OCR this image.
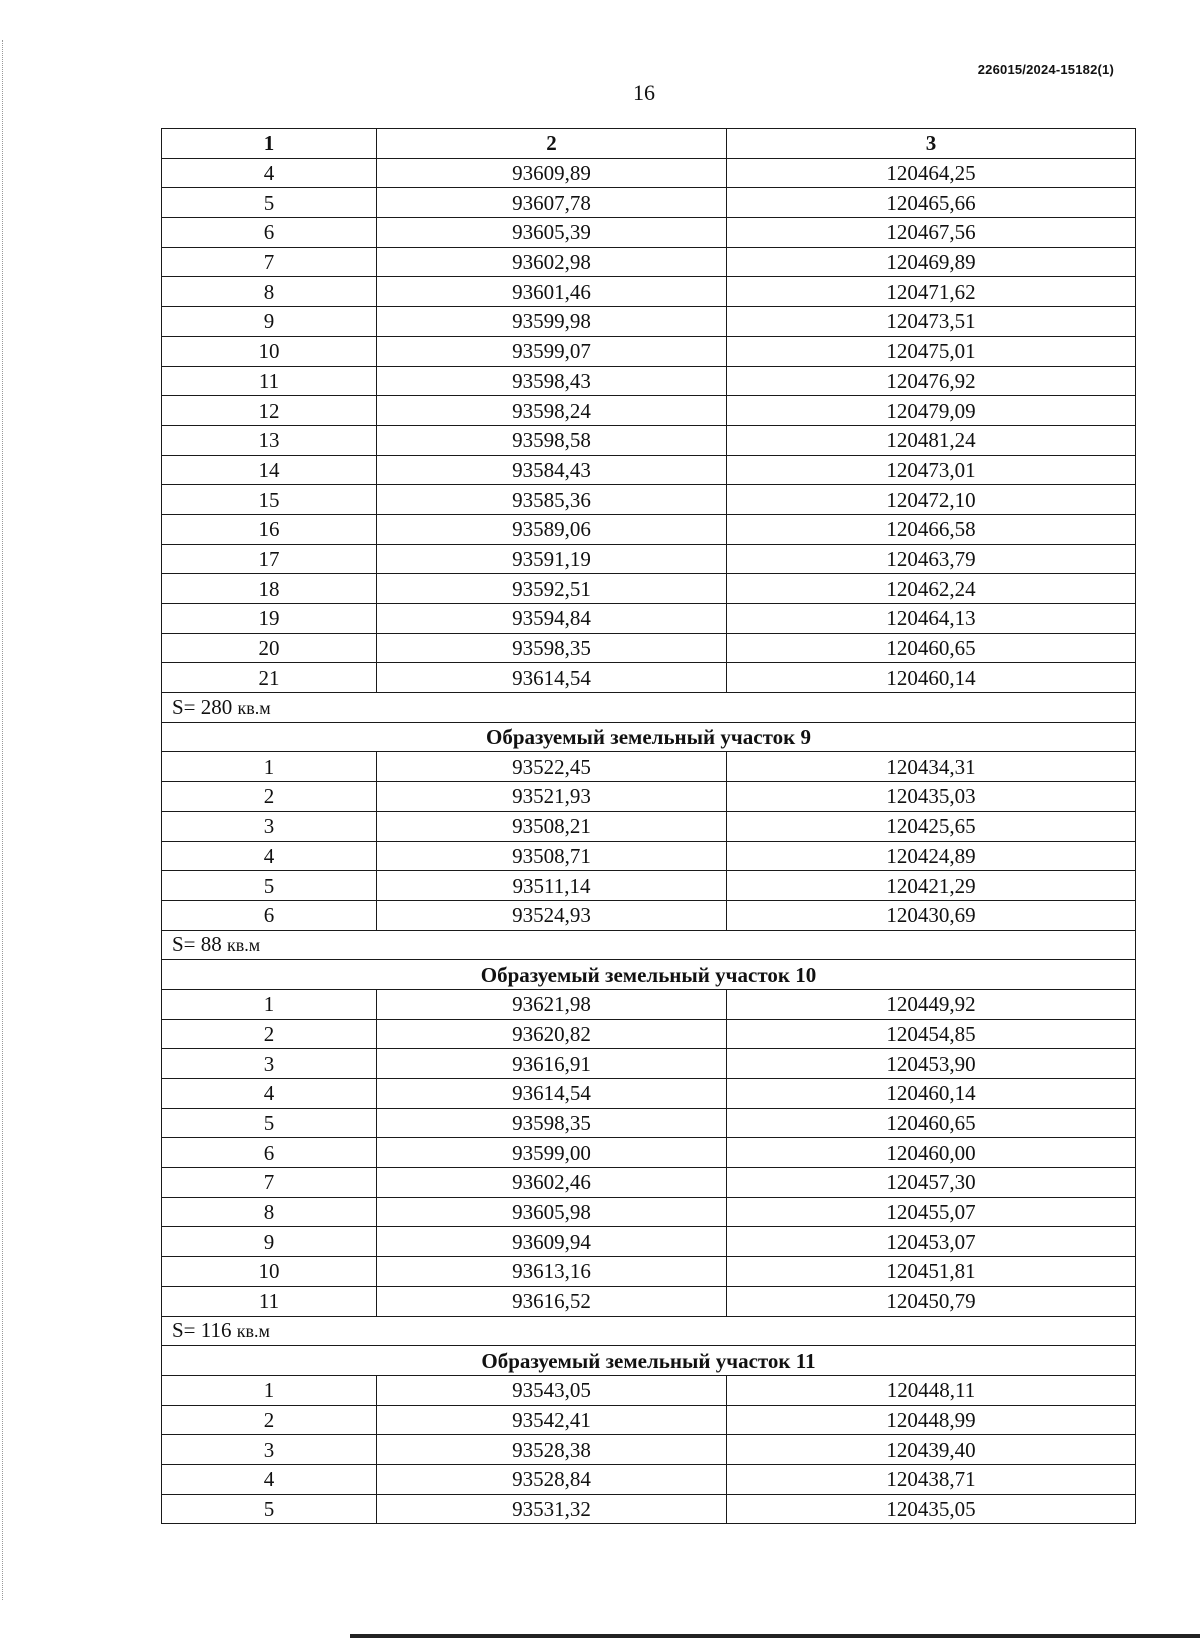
226015/2024-15182(1)
16
1	2	3
4	93609,89	120464,25
5	93607,78	120465,66
6	93605,39	120467,56
7	93602,98	120469,89
8	93601,46	120471,62
9	93599,98	120473,51
10	93599,07	120475,01
11	93598,43	120476,92
12	93598,24	120479,09
13	93598,58	120481,24
14	93584,43	120473,01
15	93585,36	120472,10
16	93589,06	120466,58
17	93591,19	120463,79
18	93592,51	120462,24
19	93594,84	120464,13
20	93598,35	120460,65
21	93614,54	120460,14
S= 280 кв.м		
Образуемый земельный участок 9		
1	93522,45	120434,31
2	93521,93	120435,03
3	93508,21	120425,65
4	93508,71	120424,89
5	93511,14	120421,29
6	93524,93	120430,69
S= 88 кв.м		
Образуемый земельный участок 10		
1	93621,98	120449,92
2	93620,82	120454,85
3	93616,91	120453,90
4	93614,54	120460,14
5	93598,35	120460,65
6	93599,00	120460,00
7	93602,46	120457,30
8	93605,98	120455,07
9	93609,94	120453,07
10	93613,16	120451,81
11	93616,52	120450,79
S= 116 кв.м		
Образуемый земельный участок 11		
1	93543,05	120448,11
2	93542,41	120448,99
3	93528,38	120439,40
4	93528,84	120438,71
5	93531,32	120435,05
